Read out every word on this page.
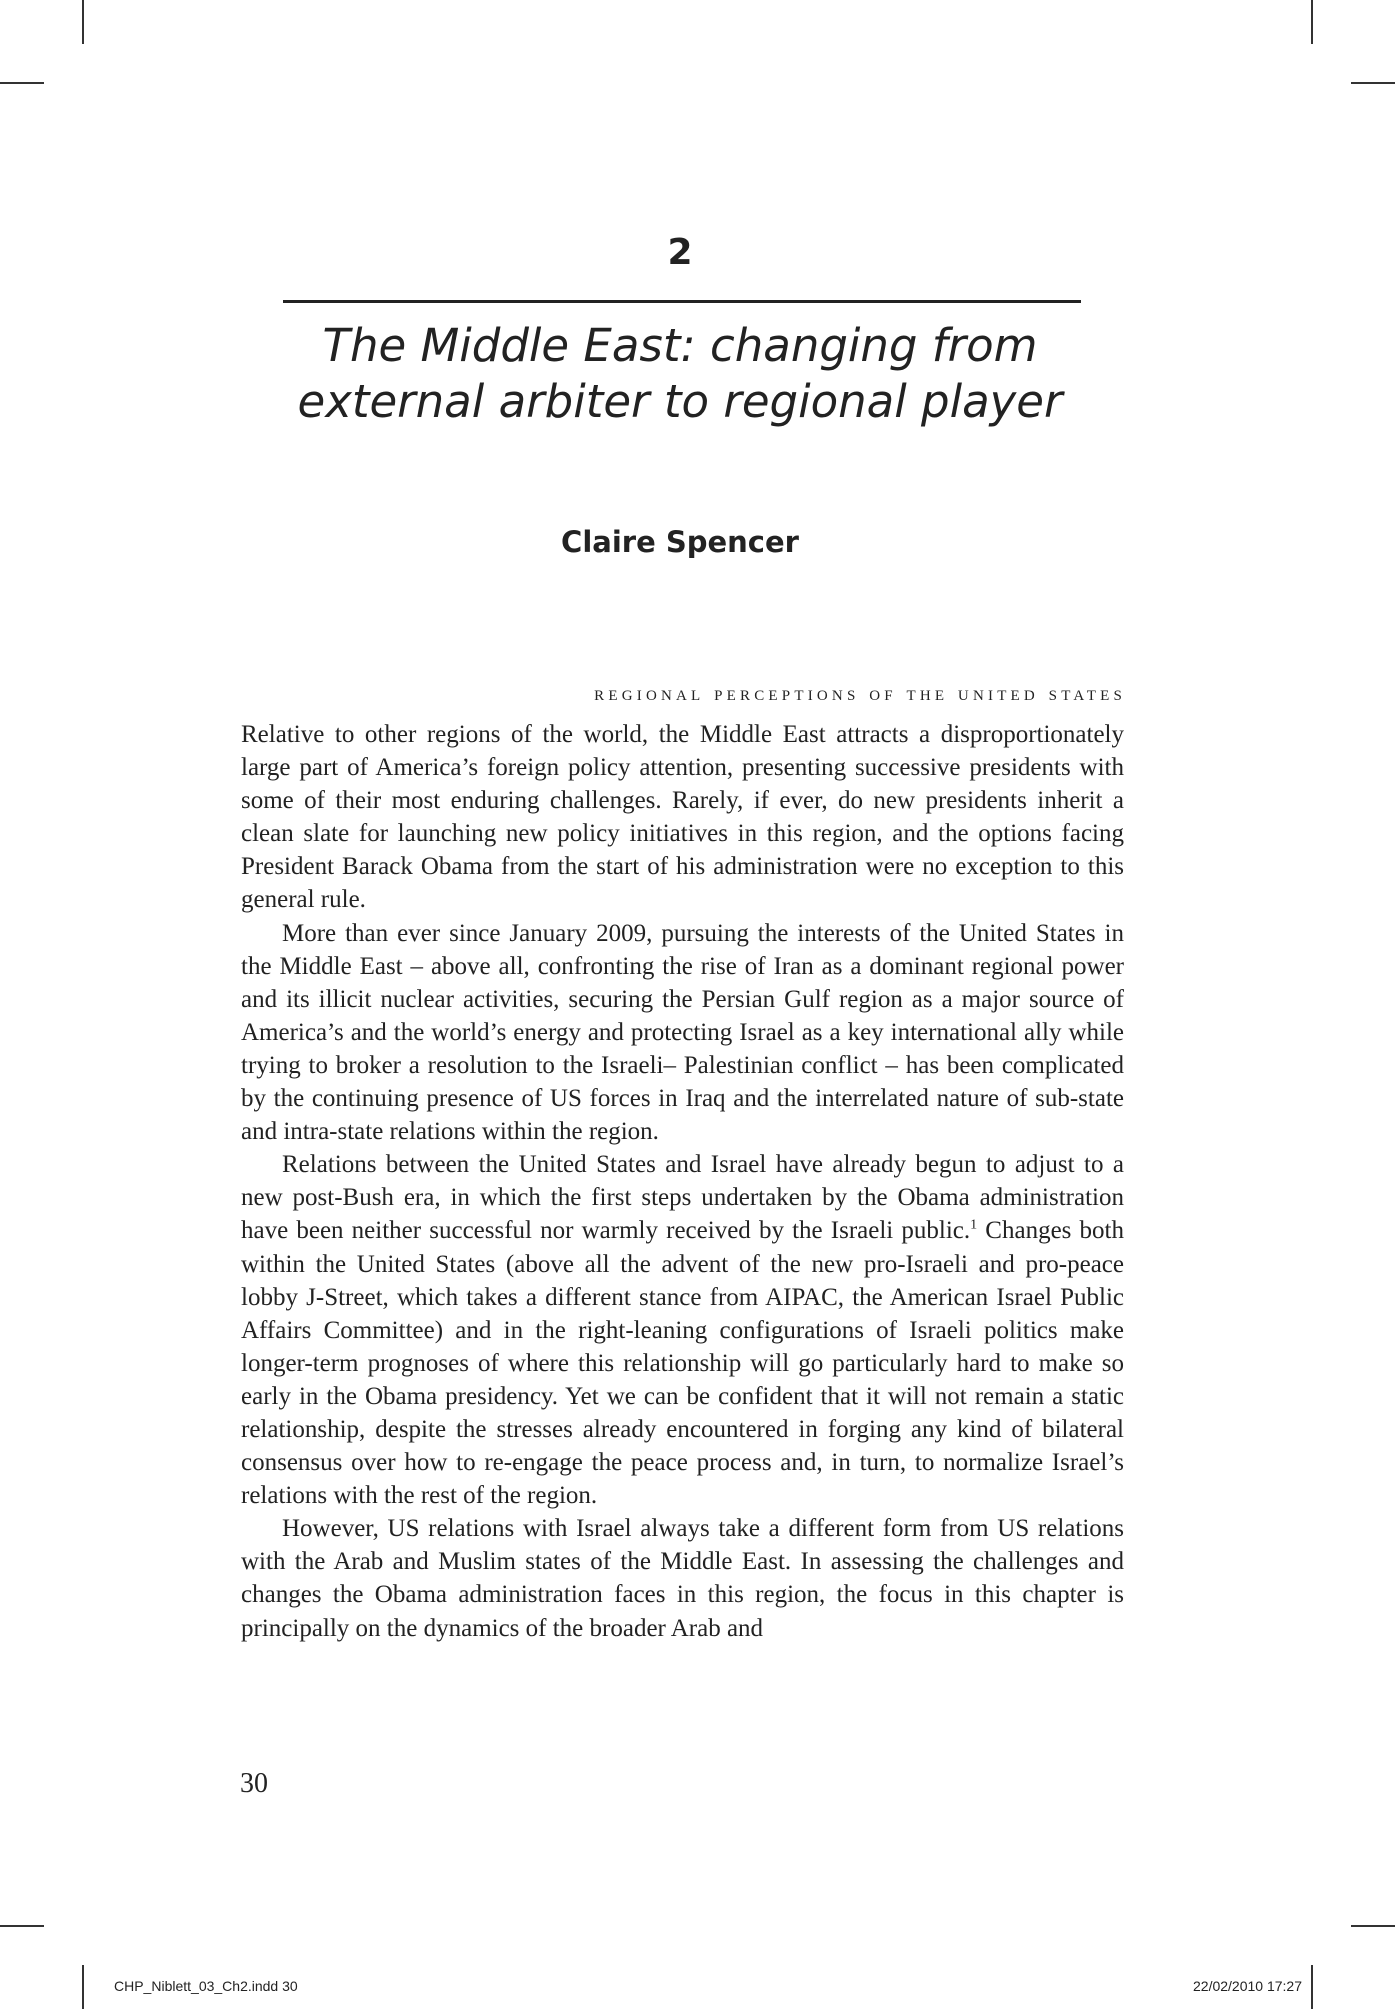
2
The Middle East: changing from external arbiter to regional player
Claire Spencer
regional perceptions of the united states

Relative to other regions of the world, the Middle East attracts a disproportionately large part of America’s foreign policy attention, presenting successive presidents with some of their most enduring challenges. Rarely, if ever, do new presidents inherit a clean slate for launching new policy initiatives in this region, and the options facing President Barack Obama from the start of his administration were no exception to this general rule.

More than ever since January 2009, pursuing the interests of the United States in the Middle East – above all, confronting the rise of Iran as a dominant regional power and its illicit nuclear activities, securing the Persian Gulf region as a major source of America’s and the world’s energy and protecting Israel as a key international ally while trying to broker a resolution to the Israeli– Palestinian conflict – has been complicated by the continuing presence of US forces in Iraq and the interrelated nature of sub-state and intra-state relations within the region.

Relations between the United States and Israel have already begun to adjust to a new post-Bush era, in which the first steps undertaken by the Obama administration have been neither successful nor warmly received by the Israeli public.$^1$ Changes both within the United States (above all the advent of the new pro-Israeli and pro-peace lobby J-Street, which takes a different stance from AIPAC, the American Israel Public Affairs Committee) and in the right-leaning configurations of Israeli politics make longer-term prognoses of where this relationship will go particularly hard to make so early in the Obama presidency. Yet we can be confident that it will not remain a static relationship, despite the stresses already encountered in forging any kind of bilateral consensus over how to re-engage the peace process and, in turn, to normalize Israel’s relations with the rest of the region.

However, US relations with Israel always take a different form from US relations with the Arab and Muslim states of the Middle East. In assessing the challenges and changes the Obama administration faces in this region, the focus in this chapter is principally on the dynamics of the broader Arab and

30
CHP_Niblett_03_Ch2.indd 30	22/02/2010 17:27
